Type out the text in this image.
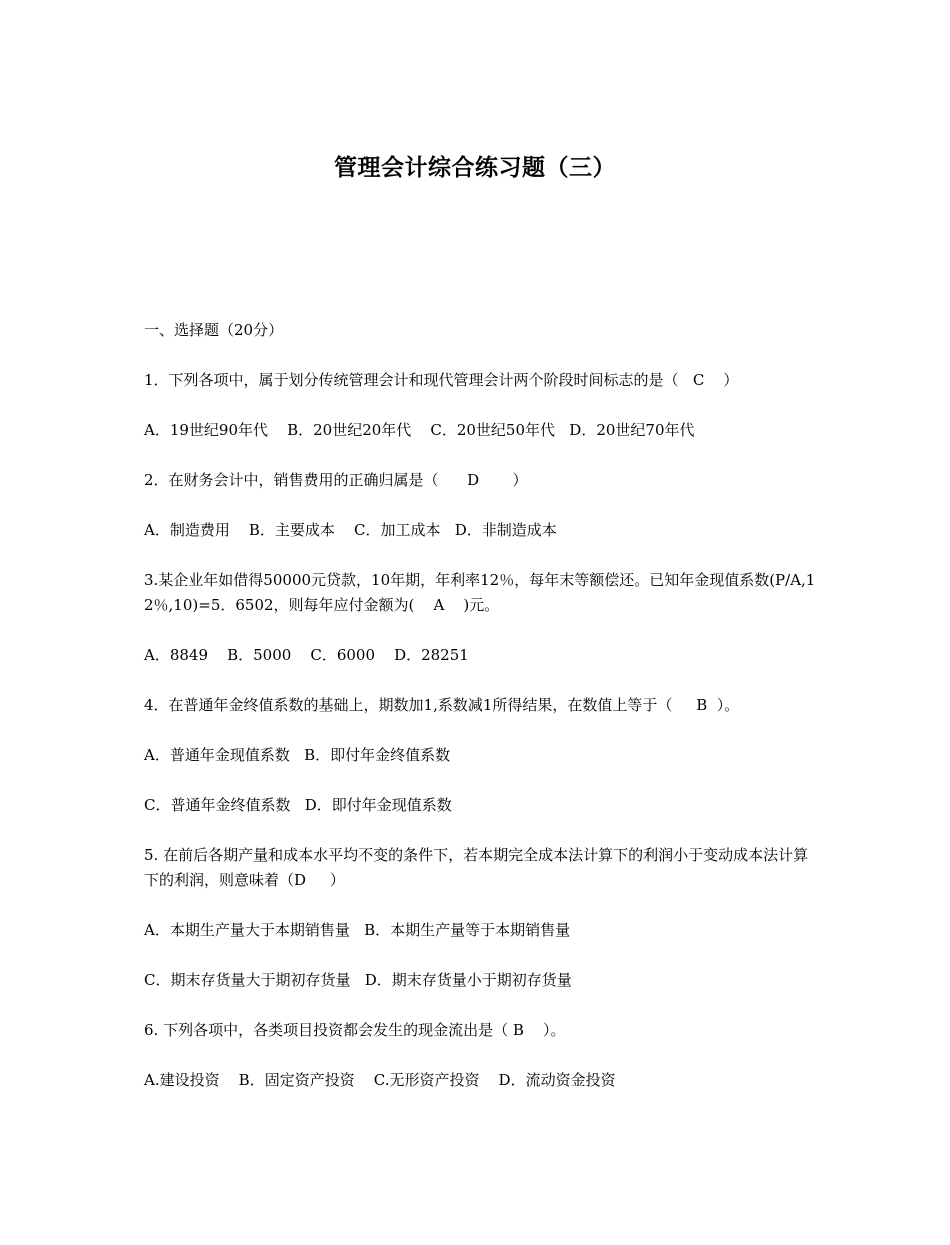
管理会计综合练习题（三）
一、选择题（20分）
1．下列各项中，属于划分传统管理会计和现代管理会计两个阶段时间标志的是（   C    ）
A．19世纪90年代    B．20世纪20年代    C．20世纪50年代   D．20世纪70年代
2．在财务会计中，销售费用的正确归属是（      D       ）
A．制造费用    B．主要成本    C．加工成本   D．非制造成本
3.某企业年如借得50000元贷款，10年期，年利率12％，每年末等额偿还。已知年金现值系数(P/A,12％,10)=5．6502，则每年应付金额为(    A    )元。
A．8849    B．5000    C．6000    D．28251
4．在普通年金终值系数的基础上，期数加1,系数减1所得结果，在数值上等于（     B  ）。
A．普通年金现值系数   B．即付年金终值系数
C．普通年金终值系数   D．即付年金现值系数
5. 在前后各期产量和成本水平均不变的条件下，若本期完全成本法计算下的利润小于变动成本法计算下的利润，则意味着（D     ）
A．本期生产量大于本期销售量   B．本期生产量等于本期销售量
C．期末存货量大于期初存货量   D．期末存货量小于期初存货量
6. 下列各项中，各类项目投资都会发生的现金流出是（ B    ）。
A.建设投资    B．固定资产投资    C.无形资产投资    D．流动资金投资
